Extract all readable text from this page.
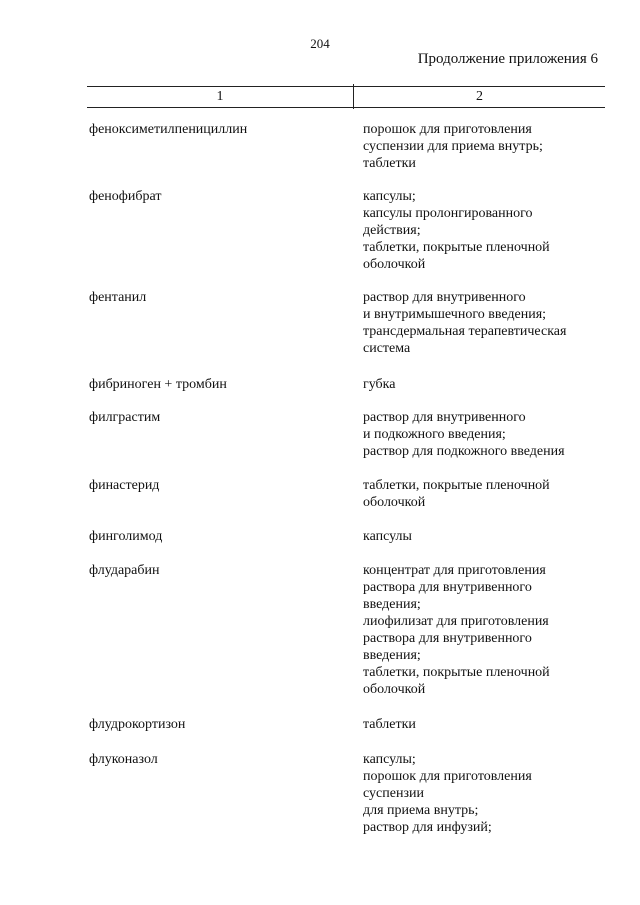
204
Продолжение приложения 6
1	2
феноксиметилпенициллин	порошок для приготовления
суспензии для приема внутрь;
таблетки
фенофибрат	капсулы;
капсулы пролонгированного
действия;
таблетки, покрытые пленочной
оболочкой
фентанил	раствор для внутривенного
и внутримышечного введения;
трансдермальная терапевтическая
система
фибриноген + тромбин	губка
филграстим	раствор для внутривенного
и подкожного введения;
раствор для подкожного введения
финастерид	таблетки, покрытые пленочной
оболочкой
финголимод	капсулы
флударабин	концентрат для приготовления
раствора для внутривенного
введения;
лиофилизат для приготовления
раствора для внутривенного
введения;
таблетки, покрытые пленочной
оболочкой
флудрокортизон	таблетки
флуконазол	капсулы;
порошок для приготовления
суспензии
для приема внутрь;
раствор для инфузий;
